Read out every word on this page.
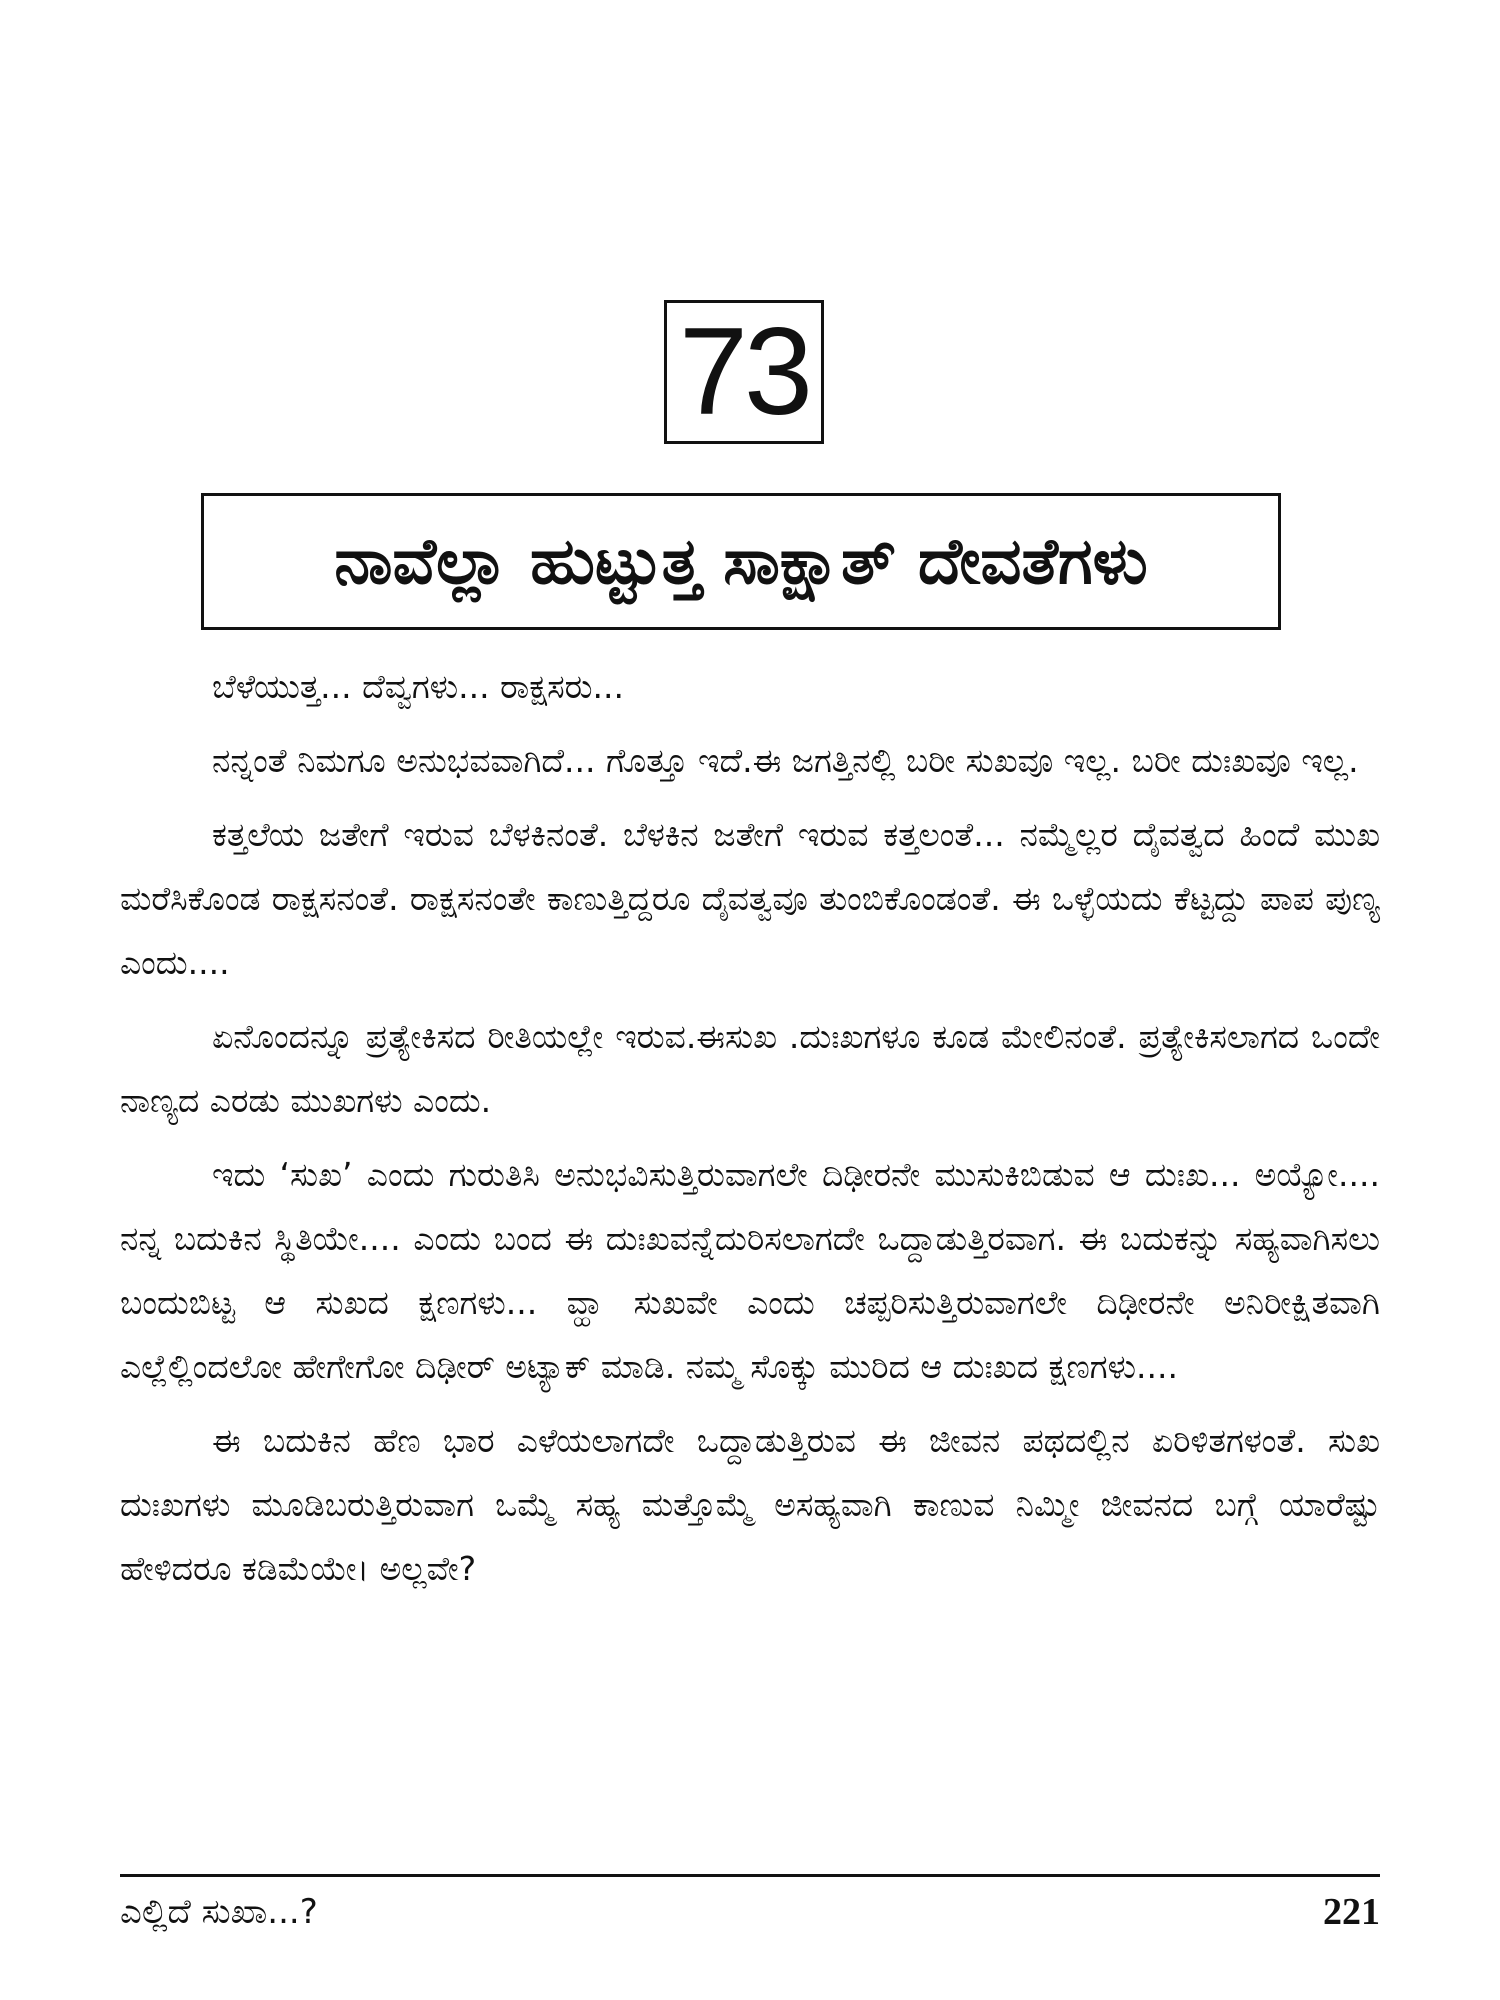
73
ನಾವೆಲ್ಲಾ ಹುಟ್ಟುತ್ತ ಸಾಕ್ಷಾತ್ ದೇವತೆಗಳು

ಬೆಳೆಯುತ್ತ... ದೆವ್ವಗಳು... ರಾಕ್ಷಸರು...

ನನ್ನಂತೆ ನಿಮಗೂ ಅನುಭವವಾಗಿದೆ... ಗೊತ್ತೂ ಇದೆ.ಈ ಜಗತ್ತಿನಲ್ಲಿ ಬರೀ ಸುಖವೂ ಇಲ್ಲ. ಬರೀ ದುಃಖವೂ ಇಲ್ಲ.

ಕತ್ತಲೆಯ ಜತೇಗೆ ಇರುವ ಬೆಳಕಿನಂತೆ. ಬೆಳಕಿನ ಜತೇಗೆ ಇರುವ ಕತ್ತಲಂತೆ... ನಮ್ಮೆಲ್ಲರ ದೈವತ್ವದ ಹಿಂದೆ ಮುಖ ಮರೆಸಿಕೊಂಡ ರಾಕ್ಷಸನಂತೆ. ರಾಕ್ಷಸನಂತೇ ಕಾಣುತ್ತಿದ್ದರೂ ದೈವತ್ವವೂ ತುಂಬಿಕೊಂಡಂತೆ. ಈ ಒಳ್ಳೆಯದು ಕೆಟ್ಟದ್ದು ಪಾಪ ಪುಣ್ಯ ಎಂದು....

ಏನೊಂದನ್ನೂ ಪ್ರತ್ಯೇಕಿಸದ ರೀತಿಯಲ್ಲೇ ಇರುವ.ಈಸುಖ .ದುಃಖಗಳೂ ಕೂಡ ಮೇಲಿನಂತೆ. ಪ್ರತ್ಯೇಕಿಸಲಾಗದ ಒಂದೇ ನಾಣ್ಯದ ಎರಡು ಮುಖಗಳು ಎಂದು.

ಇದು ‘ಸುಖ’ ಎಂದು ಗುರುತಿಸಿ ಅನುಭವಿಸುತ್ತಿರುವಾಗಲೇ ದಿಢೀರನೇ ಮುಸುಕಿಬಿಡುವ ಆ ದುಃಖ... ಅಯ್ಯೋ.... ನನ್ನ ಬದುಕಿನ ಸ್ಥಿತಿಯೇ.... ಎಂದು ಬಂದ ಈ ದುಃಖವನ್ನೆದುರಿಸಲಾಗದೇ ಒದ್ದಾಡುತ್ತಿರವಾಗ. ಈ ಬದುಕನ್ನು ಸಹ್ಯವಾಗಿಸಲು ಬಂದುಬಿಟ್ಟ ಆ ಸುಖದ ಕ್ಷಣಗಳು... ವ್ಹಾ ಸುಖವೇ ಎಂದು ಚಪ್ಪರಿಸುತ್ತಿರುವಾಗಲೇ ದಿಢೀರನೇ ಅನಿರೀಕ್ಷಿತವಾಗಿ ಎಲ್ಲೆಲ್ಲಿಂದಲೋ ಹೇಗೇಗೋ ದಿಢೀರ್ ಅಟ್ಯಾಕ್ ಮಾಡಿ. ನಮ್ಮ ಸೊಕ್ಕು ಮುರಿದ ಆ ದುಃಖದ ಕ್ಷಣಗಳು....

ಈ ಬದುಕಿನ ಹೆಣ ಭಾರ ಎಳೆಯಲಾಗದೇ ಒದ್ದಾಡುತ್ತಿರುವ ಈ ಜೀವನ ಪಥದಲ್ಲಿನ ಏರಿಳಿತಗಳಂತೆ. ಸುಖ ದುಃಖಗಳು ಮೂಡಿಬರುತ್ತಿರುವಾಗ ಒಮ್ಮೆ ಸಹ್ಯ ಮತ್ತೊಮ್ಮೆ ಅಸಹ್ಯವಾಗಿ ಕಾಣುವ ನಿಮ್ಮೀ ಜೀವನದ ಬಗ್ಗೆ ಯಾರೆಷ್ಟು ಹೇಳಿದರೂ ಕಡಿಮೆಯೇ। ಅಲ್ಲವೇ?

ಎಲ್ಲಿದೆ ಸುಖಾ...?	221
